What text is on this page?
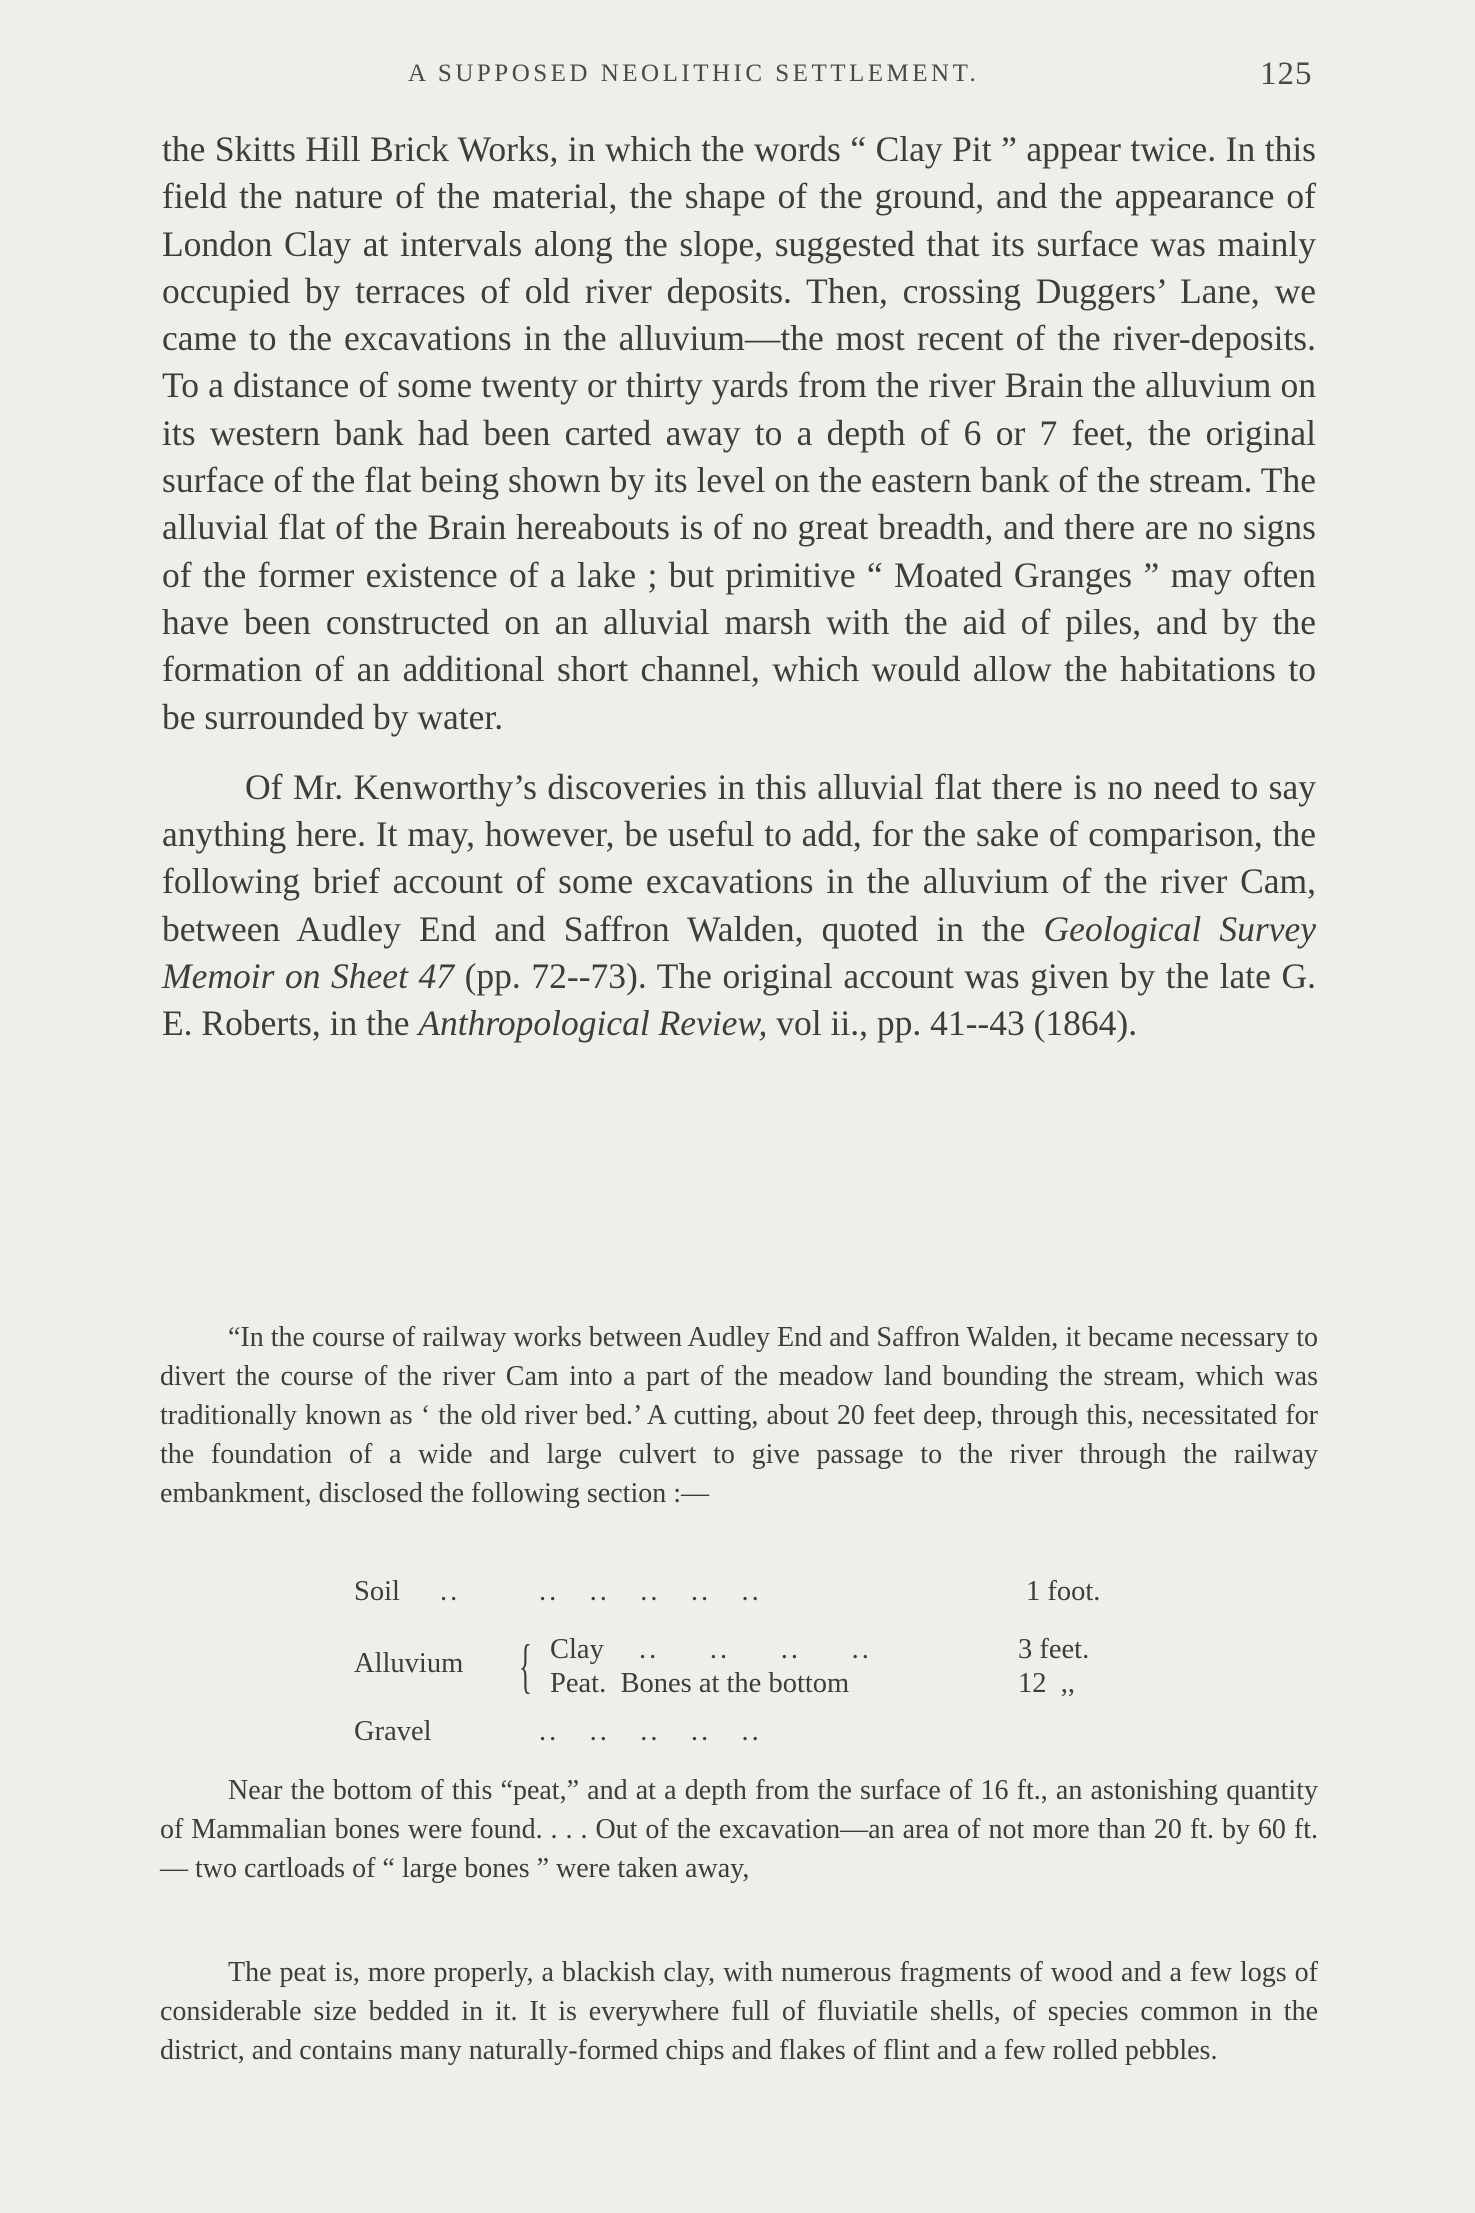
A SUPPOSED NEOLITHIC SETTLEMENT.	125

the Skitts Hill Brick Works, in which the words “ Clay Pit ” appear twice. In this field the nature of the material, the shape of the ground, and the appearance of London Clay at intervals along the slope, suggested that its surface was mainly occupied by terraces of old river deposits. Then, crossing Duggers’ Lane, we came to the excavations in the alluvium—the most recent of the river-deposits. To a distance of some twenty or thirty yards from the river Brain the alluvium on its western bank had been carted away to a depth of 6 or 7 feet, the original surface of the flat being shown by its level on the eastern bank of the stream. The alluvial flat of the Brain hereabouts is of no great breadth, and there are no signs of the former existence of a lake ; but primitive “ Moated Granges ” may often have been constructed on an alluvial marsh with the aid of piles, and by the formation of an additional short channel, which would allow the habitations to be surrounded by water.

Of Mr. Kenworthy’s discoveries in this alluvial flat there is no need to say anything here. It may, however, be useful to add, for the sake of comparison, the following brief account of some excavations in the alluvium of the river Cam, between Audley End and Saffron Walden, quoted in the Geological Survey Memoir on Sheet 47 (pp. 72--73). The original account was given by the late G. E. Roberts, in the Anthropological Review, vol ii., pp. 41--43 (1864).

“In the course of railway works between Audley End and Saffron Walden, it became necessary to divert the course of the river Cam into a part of the meadow land bounding the stream, which was traditionally known as ‘ the old river bed.’ A cutting, about 20 feet deep, through this, necessitated for the foundation of a wide and large culvert to give passage to the river through the railway embankment, disclosed the following section :—

Soil ..	..   ..   ..   ..   ..	1 foot.
Alluvium { Clay ..     ..     ..     ..	3 feet.
Peat.  Bones at the bottom	12  ,,
Gravel	..   ..   ..   ..   ..

Near the bottom of this “peat,” and at a depth from the surface of 16 ft., an astonishing quantity of Mammalian bones were found. . . . Out of the excavation—an area of not more than 20 ft. by 60 ft. — two cartloads of “ large bones ” were taken away,

The peat is, more properly, a blackish clay, with numerous fragments of wood and a few logs of considerable size bedded in it. It is everywhere full of fluviatile shells, of species common in the district, and contains many naturally-formed chips and flakes of flint and a few rolled pebbles.
